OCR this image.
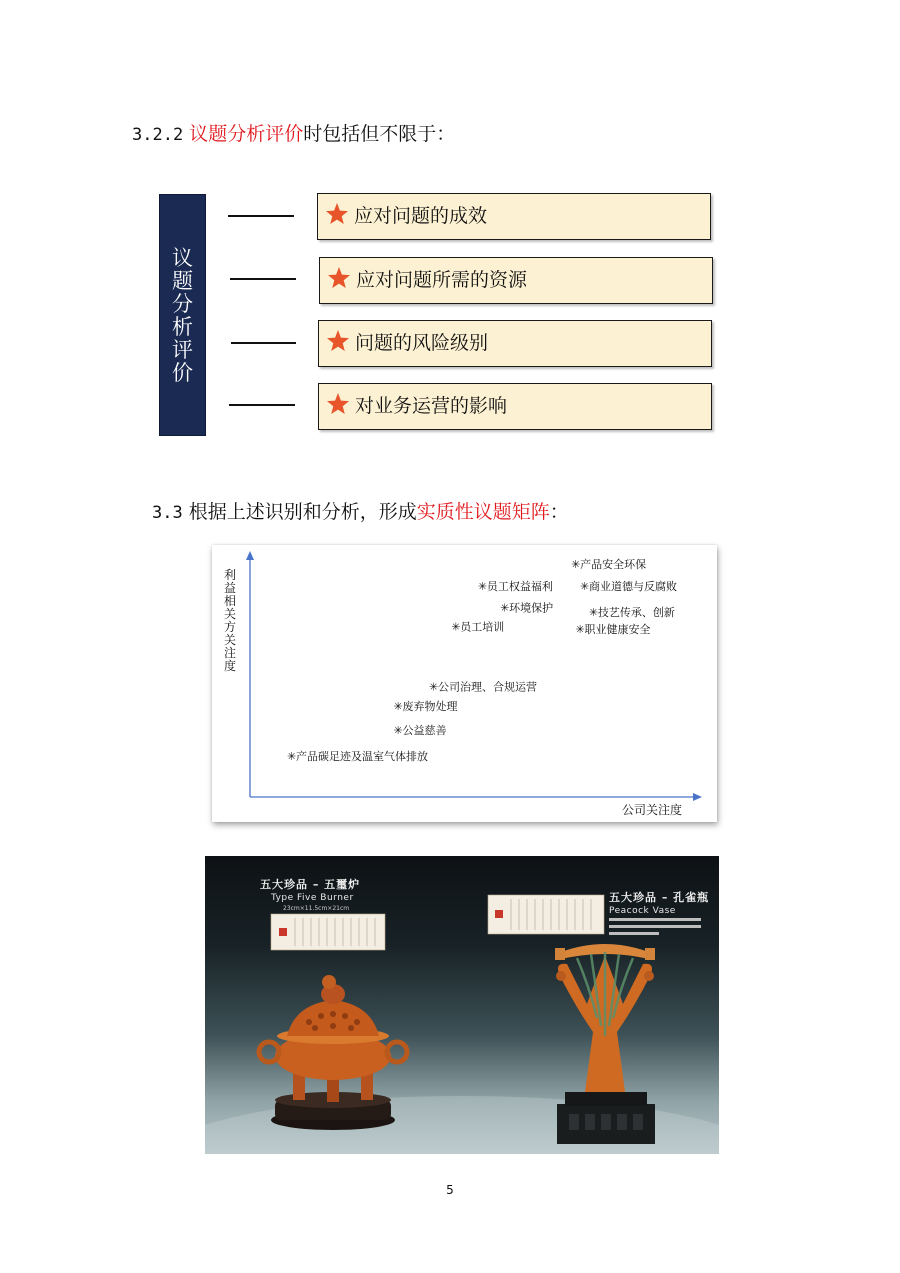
3.2.2 议题分析评价时包括但不限于：
议
题
分
析
评
价
应对问题的成效
应对问题所需的资源
问题的风险级别
对业务运营的影响
3.3 根据上述识别和分析，形成实质性议题矩阵：
✳ 产品安全环保
✳ 商业道德与反腐败
✳ 员工权益福利
✳ 环境保护	✳ 技艺传承、创新
✳ 员工培训	✳ 职业健康安全
✳ 公司治理、合规运营
✳ 废弃物处理
✳ 公益慈善
✳ 产品碳足迹及温室气体排放
利
益
相
关
方
关
注
度
公司关注度
五大珍品 – 五璽炉
Type Five Burner
23cm×11.5cm×21cm
五大珍品 – 孔雀瓶
Peacock Vase
5
